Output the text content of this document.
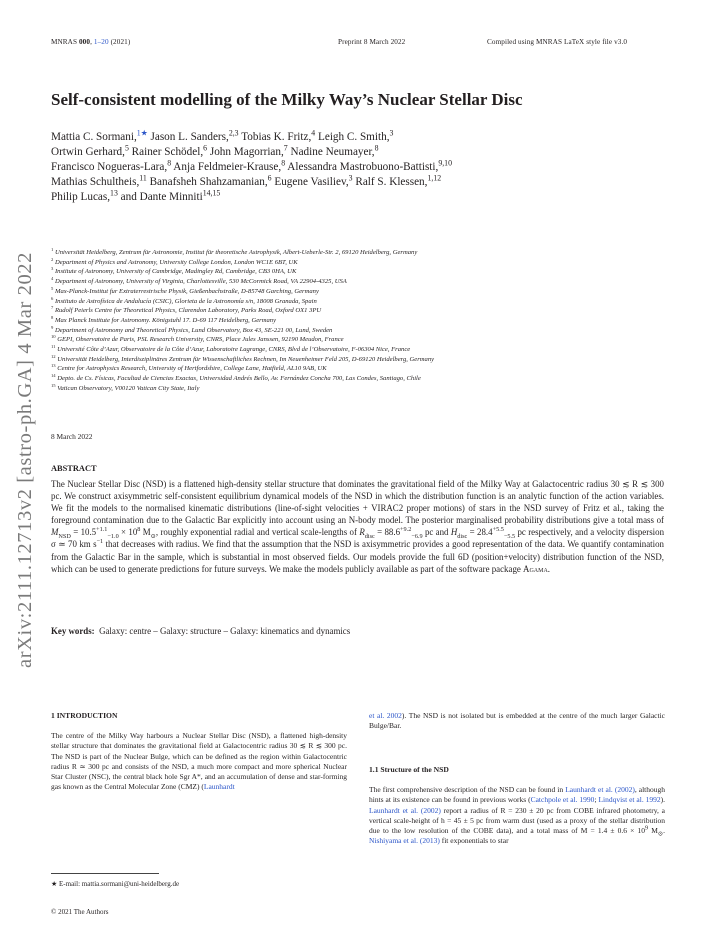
MNRAS 000, 1–20 (2021)	Preprint 8 March 2022	Compiled using MNRAS LaTeX style file v3.0
arXiv:2111.12713v2 [astro-ph.GA] 4 Mar 2022
Self-consistent modelling of the Milky Way’s Nuclear Stellar Disc
Mattia C. Sormani,$^{1★}$ Jason L. Sanders,$^{2,3}$ Tobias K. Fritz,$^4$ Leigh C. Smith,$^3$
Ortwin Gerhard,$^5$ Rainer Schödel,$^6$ John Magorrian,$^7$ Nadine Neumayer,$^8$
Francisco Nogueras-Lara,$^8$ Anja Feldmeier-Krause,$^8$ Alessandra Mastrobuono-Battisti,$^{9,10}$
Mathias Schultheis,$^{11}$ Banafsheh Shahzamanian,$^6$ Eugene Vasiliev,$^3$ Ralf S. Klessen,$^{1,12}$
Philip Lucas,$^{13}$ and Dante Minniti$^{14,15}$
$^1$ Universität Heidelberg, Zentrum für Astronomie, Institut für theoretische Astrophysik, Albert-Ueberle-Str. 2, 69120 Heidelberg, Germany
$^2$ Department of Physics and Astronomy, University College London, London WC1E 6BT, UK
$^3$ Institute of Astronomy, University of Cambridge, Madingley Rd, Cambridge, CB3 0HA, UK
$^4$ Department of Astronomy, University of Virginia, Charlottesville, 530 McCormick Road, VA 22904-4325, USA
$^5$ Max-Planck-Institut fur Extraterrestrische Physik, Gießenbachstraße, D-85748 Garching, Germany
$^6$ Instituto de Astrofísica de Andalucía (CSIC), Glorieta de la Astronomía s/n, 18008 Granada, Spain
$^7$ Rudolf Peierls Centre for Theoretical Physics, Clarendon Laboratory, Parks Road, Oxford OX1 3PU
$^8$ Max Planck Institute for Astronomy. Königstuhl 17. D-69 117 Heidelberg, Germany
$^9$ Department of Astronomy and Theoretical Physics, Lund Observatory, Box 43, SE-221 00, Lund, Sweden
$^{10}$ GEPI, Observatoire de Paris, PSL Research University, CNRS, Place Jules Janssen, 92190 Meudon, France
$^{11}$ Université Côte d’Azur, Observatoire de la Côte d’Azur, Laboratoire Lagrange, CNRS, Blvd de l’Observatoire, F-06304 Nice, France
$^{12}$ Universität Heidelberg, Interdisziplinäres Zentrum für Wissenschaftliches Rechnen, Im Neuenheimer Feld 205, D-69120 Heidelberg, Germany
$^{13}$ Centre for Astrophysics Research, University of Hertfordshire, College Lane, Hatfield, AL10 9AB, UK
$^{14}$ Depto. de Cs. Físicas, Facultad de Ciencias Exactas, Universidad Andrés Bello, Av. Fernández Concha 700, Las Condes, Santiago, Chile
$^{15}$ Vatican Observatory, V00120 Vatican City State, Italy
8 March 2022
ABSTRACT
The Nuclear Stellar Disc (NSD) is a flattened high-density stellar structure that dominates the gravitational field of the Milky Way at Galactocentric radius 30 ≲ R ≲ 300 pc. We construct axisymmetric self-consistent equilibrium dynamical models of the NSD in which the distribution function is an analytic function of the action variables. We fit the models to the normalised kinematic distributions (line-of-sight velocities + VIRAC2 proper motions) of stars in the NSD survey of Fritz et al., taking the foreground contamination due to the Galactic Bar explicitly into account using an N-body model. The posterior marginalised probability distributions give a total mass of $M_{NSD} = 10.5^{+1.1}_{-1.0} \times 10^8$ $M_⊙$, roughly exponential radial and vertical scale-lengths of $R_{disc} = 88.6^{+9.2}_{-6.9}$ pc and $H_{disc} = 28.4^{+5.5}_{-5.5}$ pc respectively, and a velocity dispersion σ ≃ 70 km $s^{-1}$ that decreases with radius. We find that the assumption that the NSD is axisymmetric provides a good representation of the data. We quantify contamination from the Galactic Bar in the sample, which is substantial in most observed fields. Our models provide the full 6D (position+velocity) distribution function of the NSD, which can be used to generate predictions for future surveys. We make the models publicly available as part of the software package Agama.
Key words: Galaxy: centre – Galaxy: structure – Galaxy: kinematics and dynamics
1 INTRODUCTION
The centre of the Milky Way harbours a Nuclear Stellar Disc (NSD), a flattened high-density stellar structure that dominates the gravitational field at Galactocentric radius 30 ≲ R ≲ 300 pc. The NSD is part of the Nuclear Bulge, which can be defined as the region within Galactocentric radius R ≃ 300 pc and consists of the NSD, a much more compact and more spherical Nuclear Star Cluster (NSC), the central black hole Sgr A*, and an accumulation of dense and star-forming gas known as the Central Molecular Zone (CMZ) (Launhardt
et al. 2002). The NSD is not isolated but is embedded at the centre of the much larger Galactic Bulge/Bar.
1.1 Structure of the NSD
The first comprehensive description of the NSD can be found in Launhardt et al. (2002), although hints at its existence can be found in previous works (Catchpole et al. 1990; Lindqvist et al. 1992). Launhardt et al. (2002) report a radius of R = 230 ± 20 pc from COBE infrared photometry, a vertical scale-height of h = 45 ± 5 pc from warm dust (used as a proxy of the stellar distribution due to the low resolution of the COBE data), and a total mass of $M = 1.4 \pm 0.6 \times 10^9$ $M_⊙$. Nishiyama et al. (2013) fit exponentials to star
★ E-mail: mattia.sormani@uni-heidelberg.de
© 2021 The Authors
